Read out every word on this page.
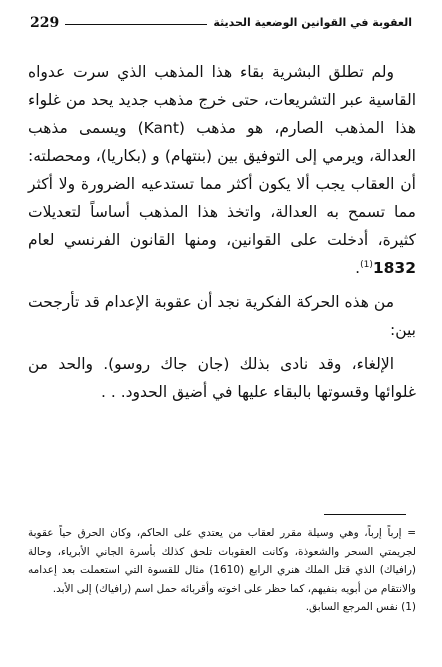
229	العقوبة في القوانين الوضعية الحديثة

ولم تطلق البشرية بقاء هذا المذهب الذي سرت عدواه القاسية عبر التشريعات، حتى خرج مذهب جديد يحد من غلواء هذا المذهب الصارم، هو مذهب (Kant) ويسمى مذهب العدالة، ويرمي إلى التوفيق بين (بنتهام) و (بكاريا)، ومحصلته: أن العقاب يجب ألا يكون أكثر مما تستدعيه الضرورة ولا أكثر مما تسمح به العدالة، واتخذ هذا المذهب أساساً لتعديلات كثيرة، أدخلت على القوانين، ومنها القانون الفرنسي لعام 1832$^{(1)}$.

من هذه الحركة الفكرية نجد أن عقوبة الإعدام قد تأرجحت بين:

الإلغاء، وقد نادى بذلك (جان جاك روسو). والحد من غلوائها وقسوتها بالبقاء عليها في أضيق الحدود. . .

= إرباً إرباً، وهي وسيلة مقرر لعقاب من يعتدي على الحاكم، وكان الحرق حياً عقوبة لجريمتي السحر والشعوذة، وكانت العقوبات تلحق كذلك بأسرة الجاني الأبرياء، وحالة (رافياك) الذي قتل الملك هنري الرابع (1610) مثال للقسوة التي استعملت بعد إعدامه والانتقام من أبويه بنفيهم، كما حظر على اخوته وأقربائه حمل اسم (رافياك) إلى الأبد.

(1) نفس المرجع السابق.
